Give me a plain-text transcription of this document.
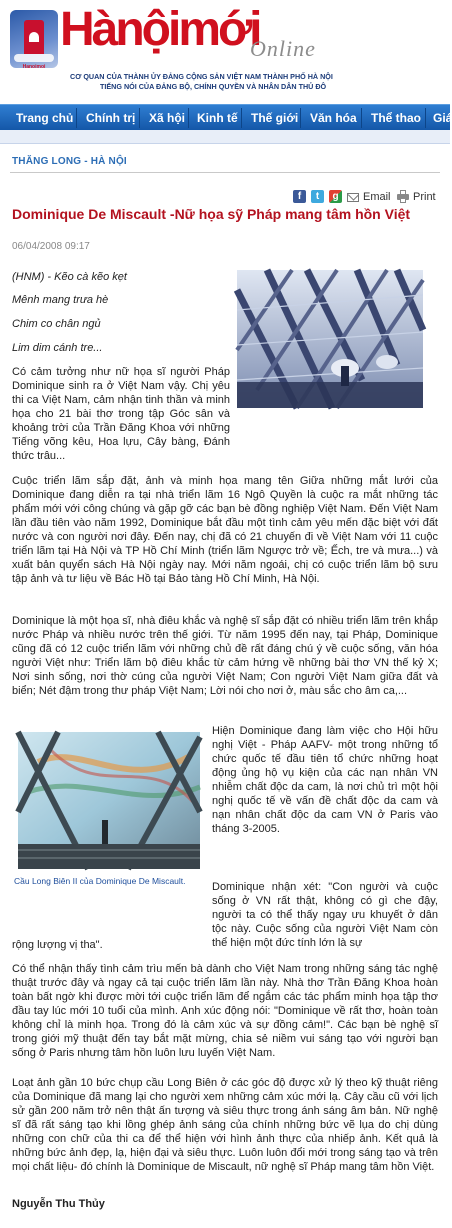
Hanoimoi
Hànộimới
Online
CƠ QUAN CỦA THÀNH ỦY ĐẢNG CỘNG SẢN VIỆT NAM THÀNH PHỐ HÀ NỘI
TIẾNG NÓI CỦA ĐẢNG BỘ, CHÍNH QUYỀN VÀ NHÂN DÂN THỦ ĐÔ
Trang chủ Chính trị Xã hội Kinh tế Thế giới Văn hóa Thể thao Giá
THĂNG LONG - HÀ NỘI
f	t	g	Email Print
Dominique De Miscault -Nữ họa sỹ Pháp mang tâm hồn Việt
06/04/2008 09:17
(HNM) - Kẽo cà kẽo kẹt
Mênh mang trưa hè
Chim co chân ngủ
Lim dim cánh tre...
Có cảm tưởng như nữ họa sĩ người Pháp Dominique sinh ra ở Việt Nam vậy. Chị yêu thi ca Việt Nam, cảm nhận tinh thần và minh họa cho 21 bài thơ trong tập Góc sân và khoảng trời của Trần Đăng Khoa với những Tiếng võng kêu, Hoa lựu, Cây bàng, Đánh thức trâu...
Cuộc triển lãm sắp đặt, ảnh và minh họa mang tên Giữa những mắt lưới của Dominique đang diễn ra tại nhà triển lãm 16 Ngô Quyền là cuộc ra mắt những tác phẩm mới với công chúng và gặp gỡ các bạn bè đồng nghiệp Việt Nam. Đến Việt Nam lần đầu tiên vào năm 1992, Dominique bắt đầu một tình cảm yêu mến đặc biệt với đất nước và con người nơi đây. Đến nay, chị đã có 21 chuyến đi về Việt Nam với 11 cuộc triển lãm tại Hà Nội và TP Hồ Chí Minh (triển lãm Ngược trở về; Ếch, tre và mưa...) và xuất bản quyển sách Hà Nội ngày nay. Mới năm ngoái, chị có cuộc triển lãm bộ sưu tập ảnh và tư liệu về Bác Hồ tại Bảo tàng Hồ Chí Minh, Hà Nội.
Dominique là một họa sĩ, nhà điêu khắc và nghệ sĩ sắp đặt có nhiều triển lãm trên khắp nước Pháp và nhiều nước trên thế giới. Từ năm 1995 đến nay, tại Pháp, Dominique cũng đã có 12 cuộc triển lãm với những chủ đề rất đáng chú ý về cuộc sống, văn hóa người Việt như: Triển lãm bộ điêu khắc từ cảm hứng về những bài thơ VN thế kỷ X; Nơi sinh sống, nơi thờ cúng của người Việt Nam; Con người Việt Nam giữa đất và biển; Nét đậm trong thư pháp Việt Nam; Lời nói cho nơi ở, màu sắc cho âm ca,...
Cầu Long Biên II của Dominique De Miscault.
Hiện Dominique đang làm việc cho Hội hữu nghị Việt - Pháp AAFV- một trong những tổ chức quốc tế đầu tiên tổ chức những hoạt động ủng hộ vụ kiện của các nạn nhân VN nhiễm chất độc da cam, là nơi chủ trì một hội nghị quốc tế về vấn đề chất độc da cam và nạn nhân chất độc da cam VN ở Paris vào tháng 3-2005.
Dominique nhận xét: "Con người và cuộc sống ở VN rất thật, không có gì che đậy, người ta có thể thấy ngay ưu khuyết ở dân tộc này. Cuộc sống của người Việt Nam còn thể hiện một đức tính lớn là sự
rộng lượng vị tha".
Có thể nhận thấy tình cảm trìu mến bà dành cho Việt Nam trong những sáng tác nghệ thuật trước đây và ngay cả tại cuộc triển lãm lần này. Nhà thơ Trần Đăng Khoa hoàn toàn bất ngờ khi được mời tới cuộc triển lãm để ngắm các tác phẩm minh họa tập thơ đầu tay lúc mới 10 tuổi của mình. Anh xúc động nói: "Dominique về rất thơ, hoàn toàn không chỉ là minh họa. Trong đó là cảm xúc và sự đồng cảm!". Các bạn bè nghệ sĩ trong giới mỹ thuật đến tay bắt mặt mừng, chia sẻ niềm vui sáng tạo với người bạn sống ở Paris nhưng tâm hồn luôn lưu luyến Việt Nam.
Loạt ảnh gần 10 bức chụp cầu Long Biên ở các góc độ được xử lý theo kỹ thuật riêng của Dominique đã mang lại cho người xem những cảm xúc mới lạ. Cây cầu cũ với lịch sử gần 200 năm trở nên thật ấn tượng và siêu thực trong ánh sáng âm bản. Nữ nghệ sĩ đã rất sáng tạo khi lồng ghép ảnh sáng của chính những bức vẽ lụa do chị dùng những con chữ của thi ca để thể hiện với hình ảnh thực của nhiếp ảnh. Kết quả là những bức ảnh đẹp, lạ, hiện đại và siêu thực. Luôn luôn đổi mới trong sáng tạo và trên mọi chất liệu- đó chính là Dominique de Miscault, nữ nghệ sĩ Pháp mang tâm hồn Việt.
Nguyễn Thu Thủy
